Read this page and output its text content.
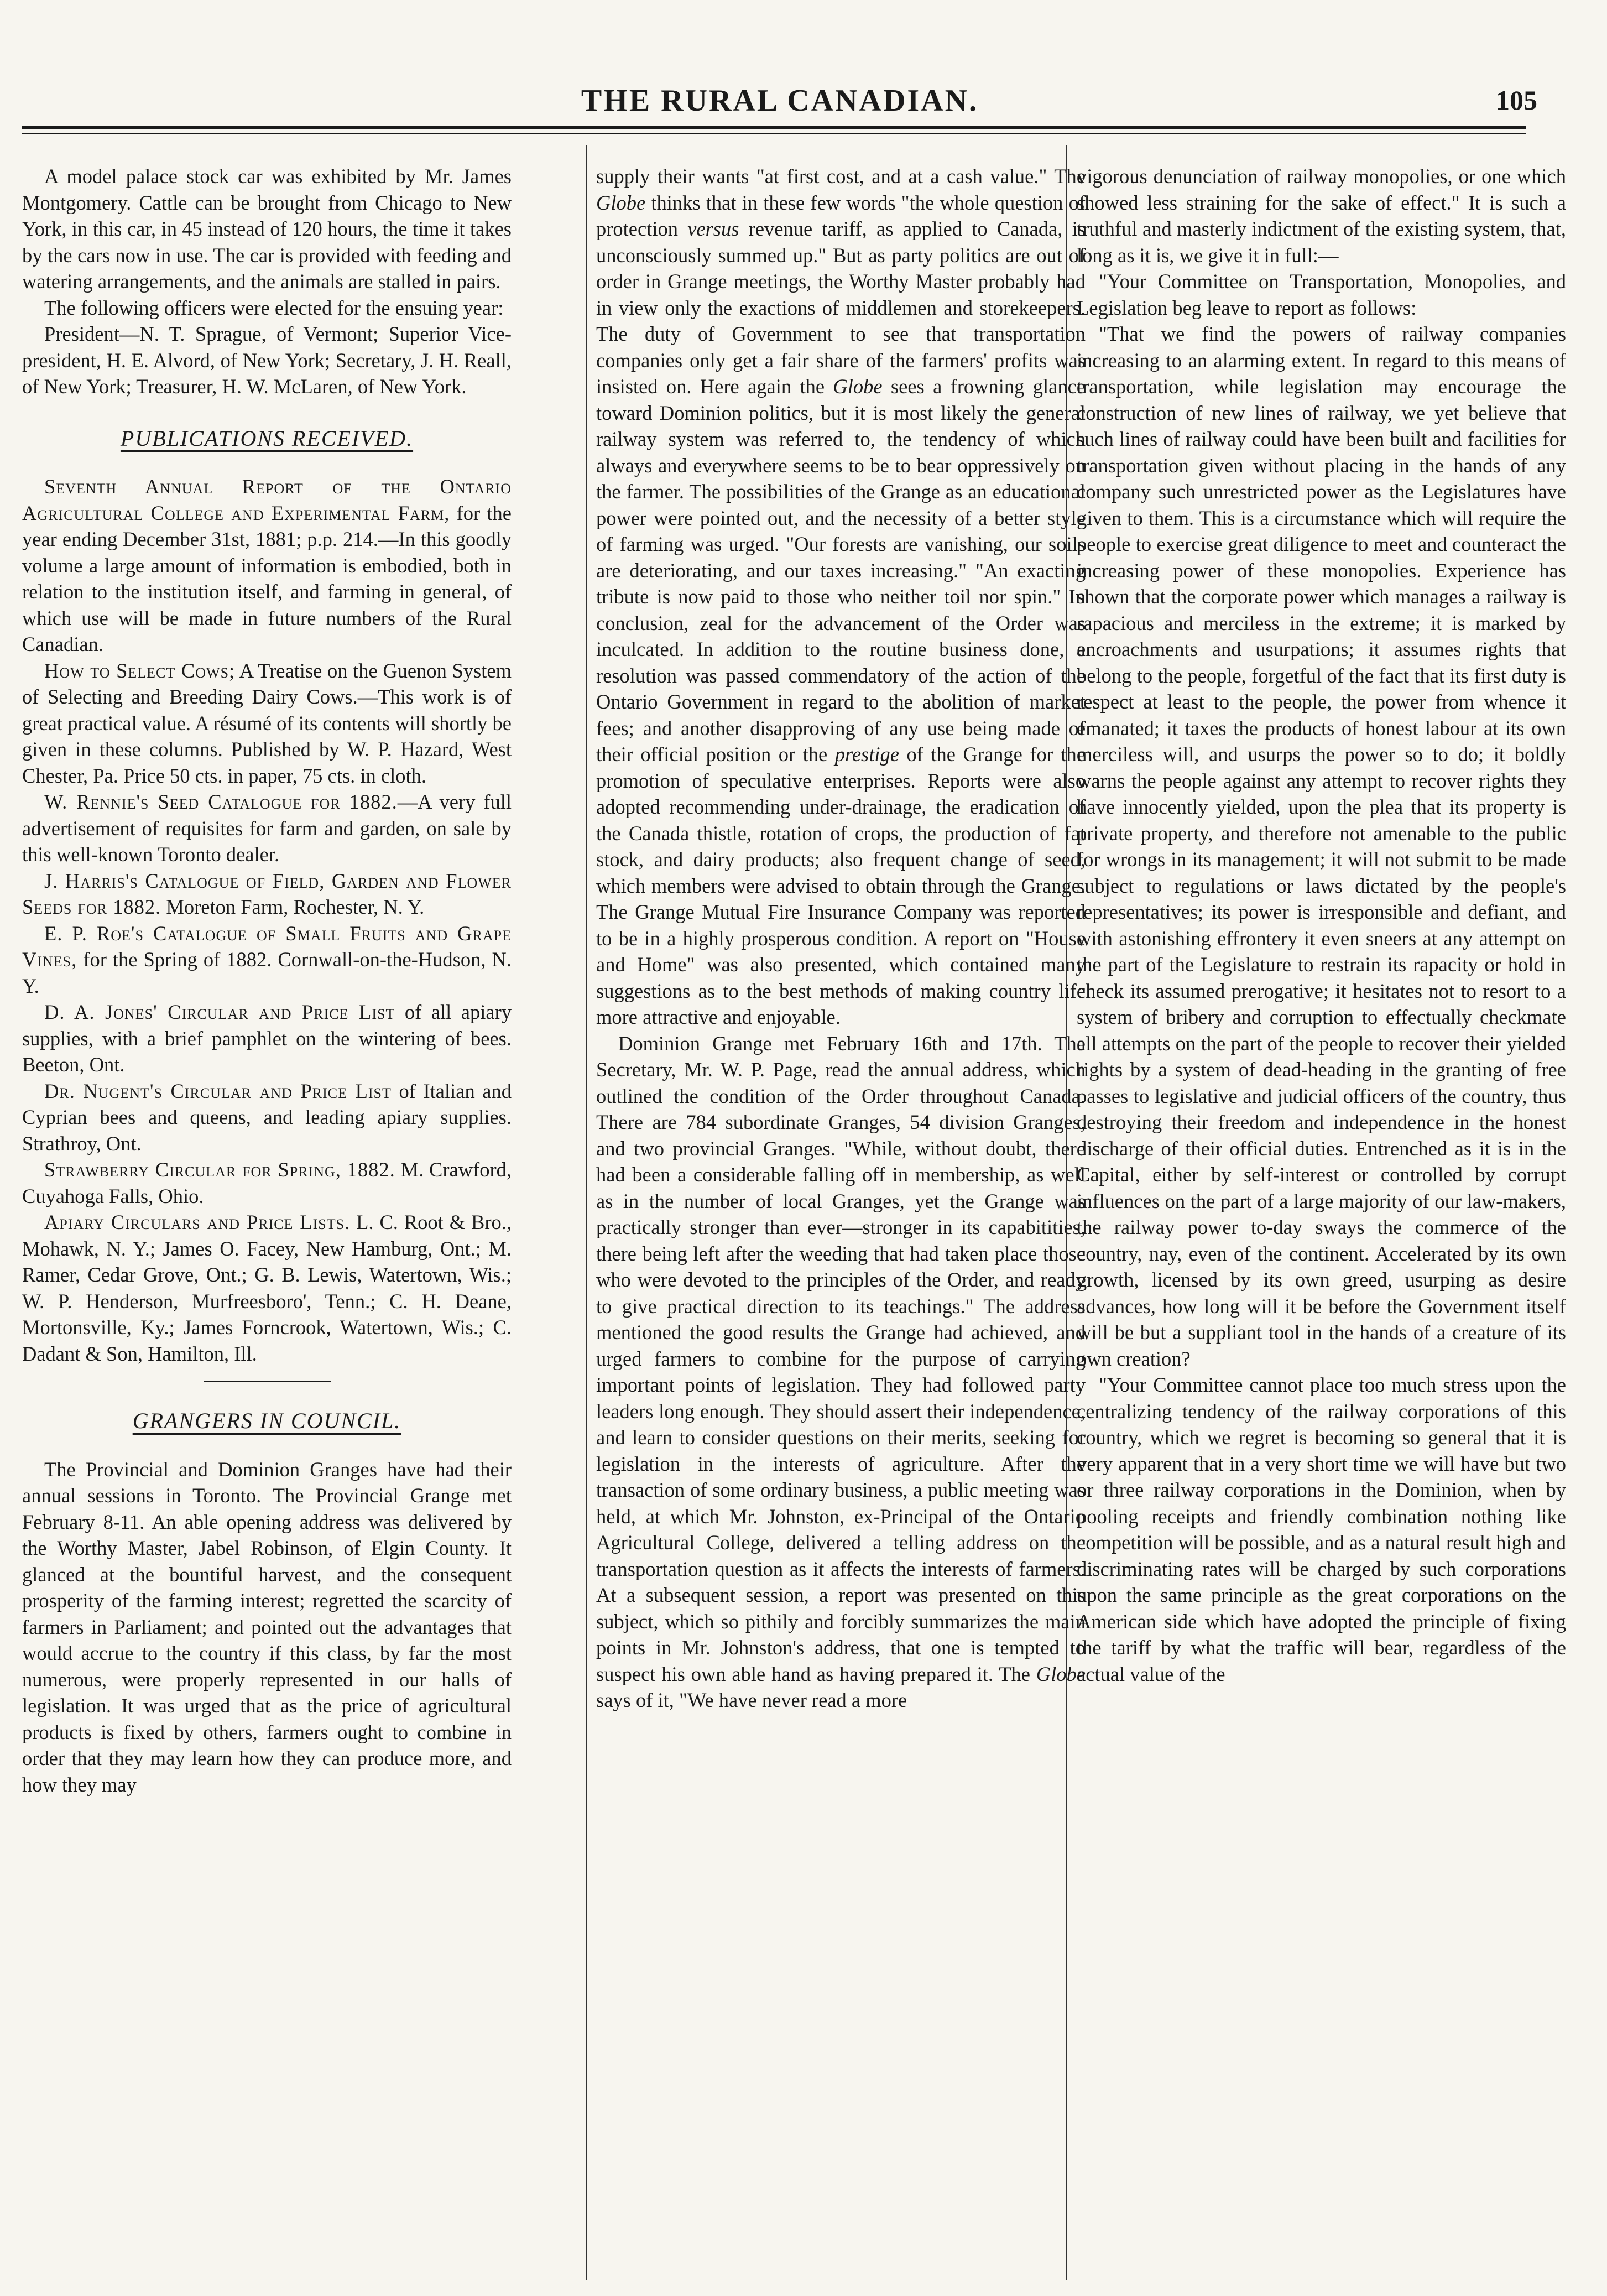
THE RURAL CANADIAN.	105

A model palace stock car was exhibited by Mr. James Montgomery. Cattle can be brought from Chicago to New York, in this car, in 45 instead of 120 hours, the time it takes by the cars now in use. The car is provided with feeding and watering arrangements, and the animals are stalled in pairs.

The following officers were elected for the ensuing year:

President—N. T. Sprague, of Vermont; Superior Vice-president, H. E. Alvord, of New York; Secretary, J. H. Reall, of New York; Treasurer, H. W. McLaren, of New York.

PUBLICATIONS RECEIVED.

Seventh Annual Report of the Ontario Agricultural College and Experimental Farm, for the year ending December 31st, 1881; p.p. 214.—In this goodly volume a large amount of information is embodied, both in relation to the institution itself, and farming in general, of which use will be made in future numbers of the Rural Canadian.

How to Select Cows; A Treatise on the Guenon System of Selecting and Breeding Dairy Cows.—This work is of great practical value. A résumé of its contents will shortly be given in these columns. Published by W. P. Hazard, West Chester, Pa. Price 50 cts. in paper, 75 cts. in cloth.

W. Rennie's Seed Catalogue for 1882.—A very full advertisement of requisites for farm and garden, on sale by this well-known Toronto dealer.

J. Harris's Catalogue of Field, Garden and Flower Seeds for 1882. Moreton Farm, Rochester, N. Y.

E. P. Roe's Catalogue of Small Fruits and Grape Vines, for the Spring of 1882. Cornwall-on-the-Hudson, N. Y.

D. A. Jones' Circular and Price List of all apiary supplies, with a brief pamphlet on the wintering of bees. Beeton, Ont.

Dr. Nugent's Circular and Price List of Italian and Cyprian bees and queens, and leading apiary supplies. Strathroy, Ont.

Strawberry Circular for Spring, 1882. M. Crawford, Cuyahoga Falls, Ohio.

Apiary Circulars and Price Lists. L. C. Root & Bro., Mohawk, N. Y.; James O. Facey, New Hamburg, Ont.; M. Ramer, Cedar Grove, Ont.; G. B. Lewis, Watertown, Wis.; W. P. Henderson, Murfreesboro', Tenn.; C. H. Deane, Mortonsville, Ky.; James Forncrook, Watertown, Wis.; C. Dadant & Son, Hamilton, Ill.

GRANGERS IN COUNCIL.

The Provincial and Dominion Granges have had their annual sessions in Toronto. The Provincial Grange met February 8-11. An able opening address was delivered by the Worthy Master, Jabel Robinson, of Elgin County. It glanced at the bountiful harvest, and the consequent prosperity of the farming interest; regretted the scarcity of farmers in Parliament; and pointed out the advantages that would accrue to the country if this class, by far the most numerous, were properly represented in our halls of legislation. It was urged that as the price of agricultural products is fixed by others, farmers ought to combine in order that they may learn how they can produce more, and how they may

supply their wants "at first cost, and at a cash value." The Globe thinks that in these few words "the whole question of protection versus revenue tariff, as applied to Canada, is unconsciously summed up." But as party politics are out of order in Grange meetings, the Worthy Master probably had in view only the exactions of middlemen and storekeepers. The duty of Government to see that transportation companies only get a fair share of the farmers' profits was insisted on. Here again the Globe sees a frowning glance toward Dominion politics, but it is most likely the general railway system was referred to, the tendency of which always and everywhere seems to be to bear oppressively on the farmer. The possibilities of the Grange as an educational power were pointed out, and the necessity of a better style of farming was urged. "Our forests are vanishing, our soils are deteriorating, and our taxes increasing." "An exacting tribute is now paid to those who neither toil nor spin." In conclusion, zeal for the advancement of the Order was inculcated. In addition to the routine business done, a resolution was passed commendatory of the action of the Ontario Government in regard to the abolition of market fees; and another disapproving of any use being made of their official position or the prestige of the Grange for the promotion of speculative enterprises. Reports were also adopted recommending under-drainage, the eradication of the Canada thistle, rotation of crops, the production of fat stock, and dairy products; also frequent change of seed, which members were advised to obtain through the Grange. The Grange Mutual Fire Insurance Company was reported to be in a highly prosperous condition. A report on "House and Home" was also presented, which contained many suggestions as to the best methods of making country life more attractive and enjoyable.

Dominion Grange met February 16th and 17th. The Secretary, Mr. W. P. Page, read the annual address, which outlined the condition of the Order throughout Canada. There are 784 subordinate Granges, 54 division Granges, and two provincial Granges. "While, without doubt, there had been a considerable falling off in membership, as well as in the number of local Granges, yet the Grange was practically stronger than ever—stronger in its capabitities, there being left after the weeding that had taken place those who were devoted to the principles of the Order, and ready to give practical direction to its teachings." The address mentioned the good results the Grange had achieved, and urged farmers to combine for the purpose of carrying important points of legislation. They had followed party leaders long enough. They should assert their independence, and learn to consider questions on their merits, seeking for legislation in the interests of agriculture. After the transaction of some ordinary business, a public meeting was held, at which Mr. Johnston, ex-Principal of the Ontario Agricultural College, delivered a telling address on the transportation question as it affects the interests of farmers. At a subsequent session, a report was presented on this subject, which so pithily and forcibly summarizes the main points in Mr. Johnston's address, that one is tempted to suspect his own able hand as having prepared it. The Globe says of it, "We have never read a more

vigorous denunciation of railway monopolies, or one which showed less straining for the sake of effect." It is such a truthful and masterly indictment of the existing system, that, long as it is, we give it in full:—

"Your Committee on Transportation, Monopolies, and Legislation beg leave to report as follows:

"That we find the powers of railway companies increasing to an alarming extent. In regard to this means of transportation, while legislation may encourage the construction of new lines of railway, we yet believe that such lines of railway could have been built and facilities for transportation given without placing in the hands of any company such unrestricted power as the Legislatures have given to them. This is a circumstance which will require the people to exercise great diligence to meet and counteract the increasing power of these monopolies. Experience has shown that the corporate power which manages a railway is rapacious and merciless in the extreme; it is marked by encroachments and usurpations; it assumes rights that belong to the people, forgetful of the fact that its first duty is respect at least to the people, the power from whence it emanated; it taxes the products of honest labour at its own merciless will, and usurps the power so to do; it boldly warns the people against any attempt to recover rights they have innocently yielded, upon the plea that its property is private property, and therefore not amenable to the public for wrongs in its management; it will not submit to be made subject to regulations or laws dictated by the people's representatives; its power is irresponsible and defiant, and with astonishing effrontery it even sneers at any attempt on the part of the Legislature to restrain its rapacity or hold in check its assumed prerogative; it hesitates not to resort to a system of bribery and corruption to effectually checkmate all attempts on the part of the people to recover their yielded rights by a system of dead-heading in the granting of free passes to legislative and judicial officers of the country, thus destroying their freedom and independence in the honest discharge of their official duties. Entrenched as it is in the Capital, either by self-interest or controlled by corrupt influences on the part of a large majority of our law-makers, the railway power to-day sways the commerce of the country, nay, even of the continent. Accelerated by its own growth, licensed by its own greed, usurping as desire advances, how long will it be before the Government itself will be but a suppliant tool in the hands of a creature of its own creation?

"Your Committee cannot place too much stress upon the centralizing tendency of the railway corporations of this country, which we regret is becoming so general that it is very apparent that in a very short time we will have but two or three railway corporations in the Dominion, when by pooling receipts and friendly combination nothing like competition will be possible, and as a natural result high and discriminating rates will be charged by such corporations upon the same principle as the great corporations on the American side which have adopted the principle of fixing the tariff by what the traffic will bear, regardless of the actual value of the
